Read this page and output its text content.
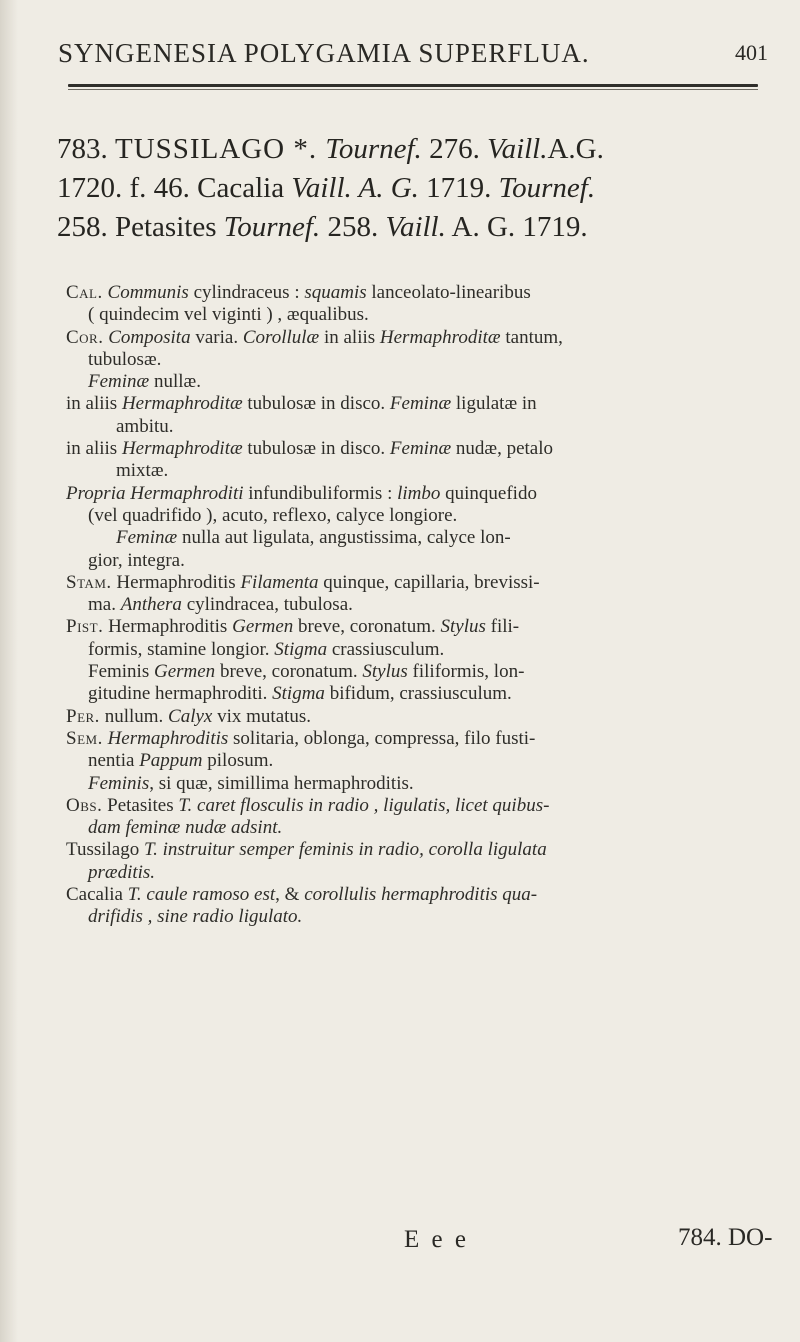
SYNGENESIA POLYGAMIA SUPERFLUA.	401
783. TUSSILAGO *. Tournef. 276. Vaill.A.G.
1720. f. 46. Cacalia Vaill. A. G. 1719. Tournef.
258. Petasites Tournef. 258. Vaill. A. G. 1719.
Cal. Communis cylindraceus : squamis lanceolato-linearibus
( quindecim vel viginti ) , æqualibus.
Cor. Composita varia. Corollulæ in aliis Hermaphroditæ tantum,
tubulosæ.
Feminæ nullæ.
in aliis Hermaphroditæ tubulosæ in disco. Feminæ ligulatæ in
ambitu.
in aliis Hermaphroditæ tubulosæ in disco. Feminæ nudæ, petalo
mixtæ.
Propria Hermaphroditi infundibuliformis : limbo quinquefido
(vel quadrifido ), acuto, reflexo, calyce longiore.
Feminæ nulla aut ligulata, angustissima, calyce lon-
gior, integra.
Stam. Hermaphroditis Filamenta quinque, capillaria, brevissi-
ma. Anthera cylindracea, tubulosa.
Pist. Hermaphroditis Germen breve, coronatum. Stylus fili-
formis, stamine longior. Stigma crassiusculum.
Feminis Germen breve, coronatum. Stylus filiformis, lon-
gitudine hermaphroditi. Stigma bifidum, crassiusculum.
Per. nullum. Calyx vix mutatus.
Sem. Hermaphroditis solitaria, oblonga, compressa, filo fusti-
nentia Pappum pilosum.
Feminis, si quæ, simillima hermaphroditis.
Obs. Petasites T. caret flosculis in radio , ligulatis, licet quibus-
dam feminæ nudæ adsint.
Tussilago T. instruitur semper feminis in radio, corolla ligulata
præditis.
Cacalia T. caule ramoso est, & corollulis hermaphroditis qua-
drifidis , sine radio ligulato.
E e e	784. DO-
